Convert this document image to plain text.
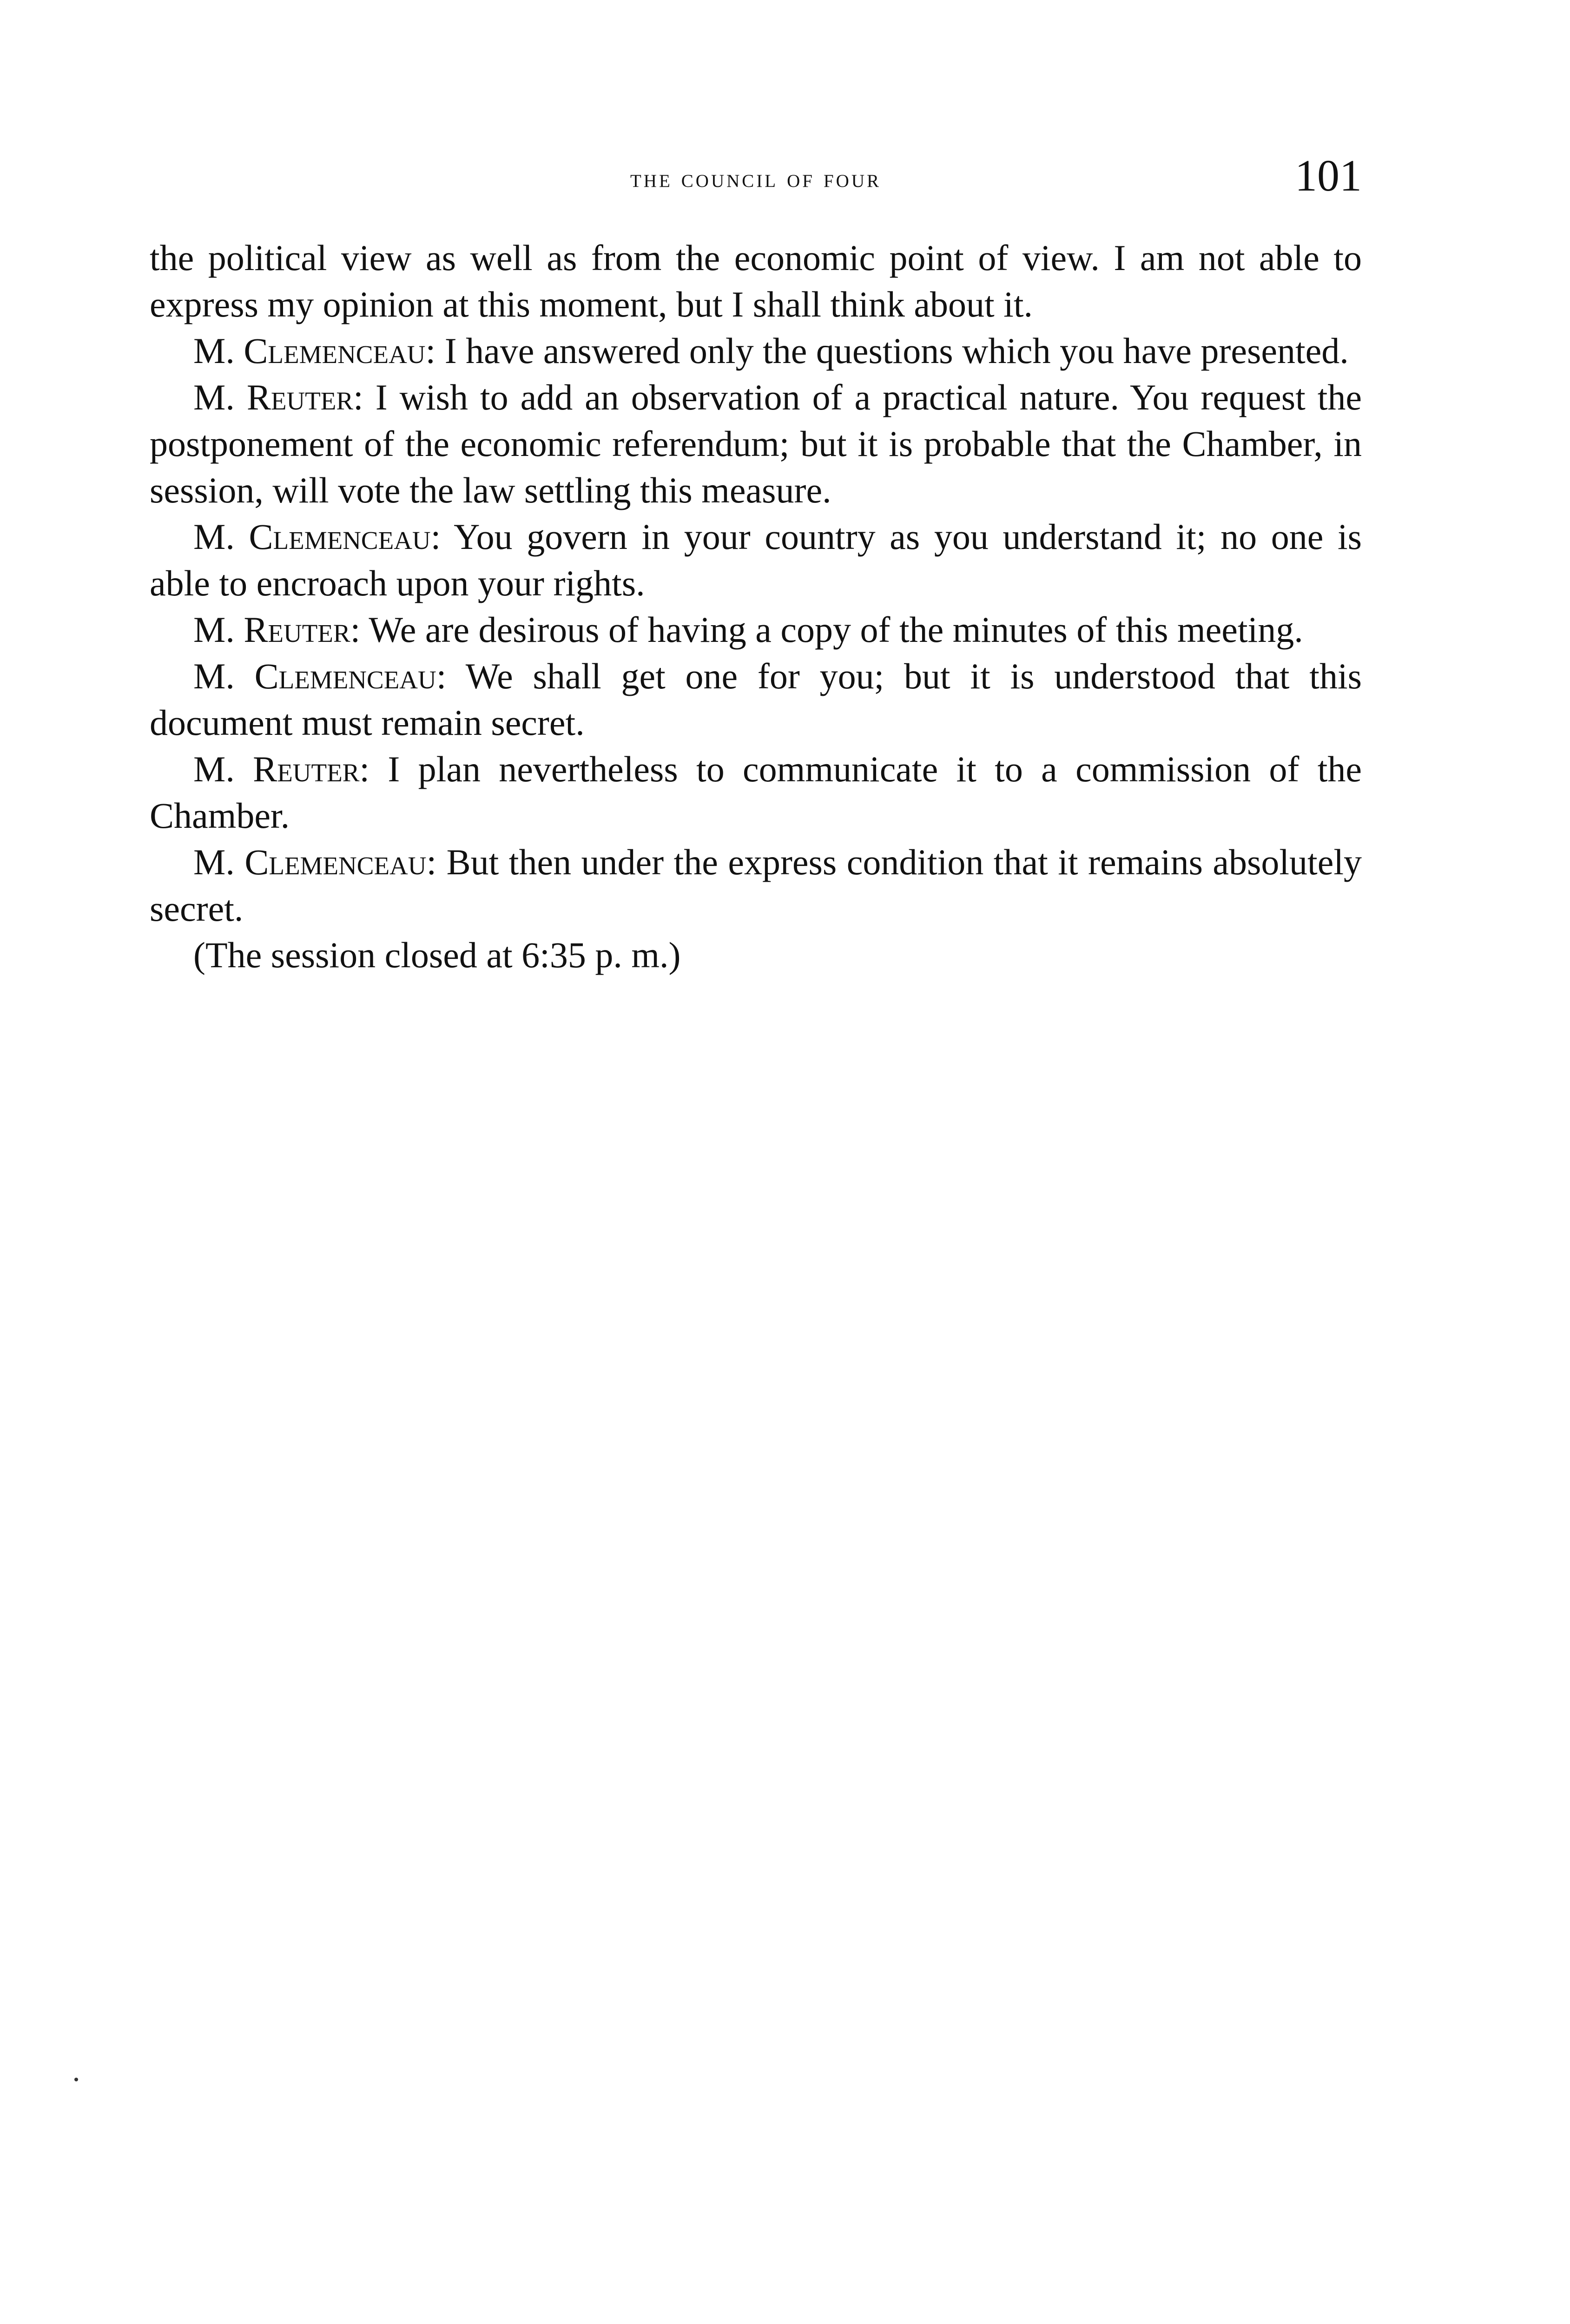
the council of four	101

the political view as well as from the economic point of view. I am not able to express my opinion at this moment, but I shall think about it.

M. Clemenceau: I have answered only the questions which you have presented.

M. Reuter: I wish to add an observation of a practical nature. You request the postponement of the economic referendum; but it is probable that the Chamber, in session, will vote the law settling this measure.

M. Clemenceau: You govern in your country as you understand it; no one is able to encroach upon your rights.

M. Reuter: We are desirous of having a copy of the minutes of this meeting.

M. Clemenceau: We shall get one for you; but it is understood that this document must remain secret.

M. Reuter: I plan nevertheless to communicate it to a commission of the Chamber.

M. Clemenceau: But then under the express condition that it remains absolutely secret.

(The session closed at 6:35 p. m.)
